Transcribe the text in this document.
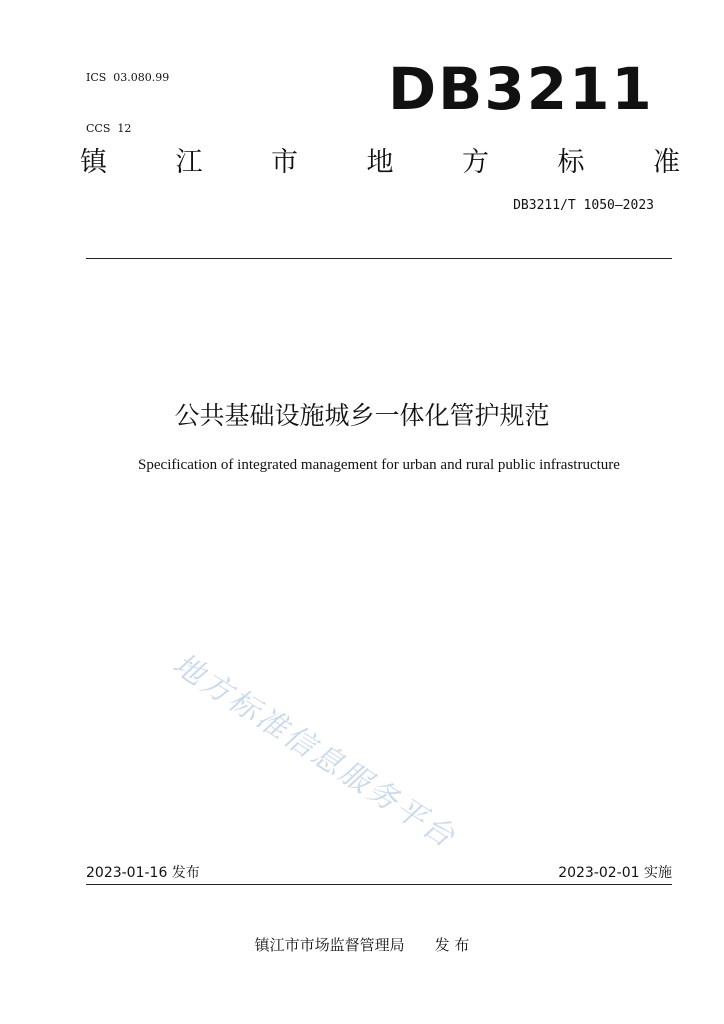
ICS  03.080.99

CCS  12

DB3211
镇	江	市	地	方	标	准
DB3211/T 1050—2023
公共基础设施城乡一体化管护规范
Specification of integrated management for urban and rural public infrastructure
地方标准信息服务平台
2023-01-16 发布	2023-02-01 实施
镇江市市场监督管理局 发 布
